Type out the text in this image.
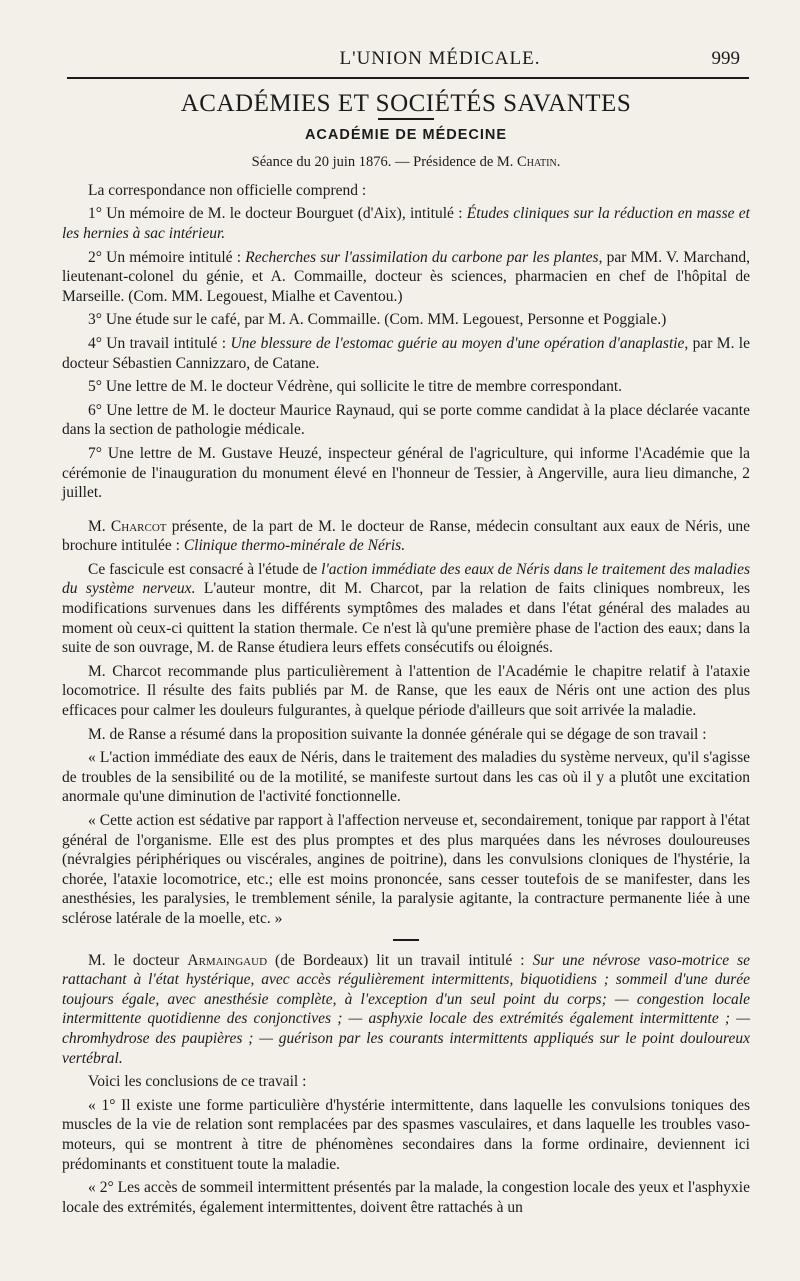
L'UNION MÉDICALE.	999
ACADÉMIES ET SOCIÉTÉS SAVANTES
ACADÉMIE DE MÉDECINE
Séance du 20 juin 1876. — Présidence de M. Chatin.

La correspondance non officielle comprend :

1° Un mémoire de M. le docteur Bourguet (d'Aix), intitulé : Études cliniques sur la réduction en masse et les hernies à sac intérieur.

2° Un mémoire intitulé : Recherches sur l'assimilation du carbone par les plantes, par MM. V. Marchand, lieutenant-colonel du génie, et A. Commaille, docteur ès sciences, pharmacien en chef de l'hôpital de Marseille. (Com. MM. Legouest, Mialhe et Caventou.)

3° Une étude sur le café, par M. A. Commaille. (Com. MM. Legouest, Personne et Poggiale.)

4° Un travail intitulé : Une blessure de l'estomac guérie au moyen d'une opération d'anaplastie, par M. le docteur Sébastien Cannizzaro, de Catane.

5° Une lettre de M. le docteur Védrène, qui sollicite le titre de membre correspondant.

6° Une lettre de M. le docteur Maurice Raynaud, qui se porte comme candidat à la place déclarée vacante dans la section de pathologie médicale.

7° Une lettre de M. Gustave Heuzé, inspecteur général de l'agriculture, qui informe l'Académie que la cérémonie de l'inauguration du monument élevé en l'honneur de Tessier, à Angerville, aura lieu dimanche, 2 juillet.

M. Charcot présente, de la part de M. le docteur de Ranse, médecin consultant aux eaux de Néris, une brochure intitulée : Clinique thermo-minérale de Néris.

Ce fascicule est consacré à l'étude de l'action immédiate des eaux de Néris dans le traitement des maladies du système nerveux. L'auteur montre, dit M. Charcot, par la relation de faits cliniques nombreux, les modifications survenues dans les différents symptômes des malades et dans l'état général des malades au moment où ceux-ci quittent la station thermale. Ce n'est là qu'une première phase de l'action des eaux; dans la suite de son ouvrage, M. de Ranse étudiera leurs effets consécutifs ou éloignés.

M. Charcot recommande plus particulièrement à l'attention de l'Académie le chapitre relatif à l'ataxie locomotrice. Il résulte des faits publiés par M. de Ranse, que les eaux de Néris ont une action des plus efficaces pour calmer les douleurs fulgurantes, à quelque période d'ailleurs que soit arrivée la maladie.

M. de Ranse a résumé dans la proposition suivante la donnée générale qui se dégage de son travail :

« L'action immédiate des eaux de Néris, dans le traitement des maladies du système nerveux, qu'il s'agisse de troubles de la sensibilité ou de la motilité, se manifeste surtout dans les cas où il y a plutôt une excitation anormale qu'une diminution de l'activité fonctionnelle.

« Cette action est sédative par rapport à l'affection nerveuse et, secondairement, tonique par rapport à l'état général de l'organisme. Elle est des plus promptes et des plus marquées dans les névroses douloureuses (névralgies périphériques ou viscérales, angines de poitrine), dans les convulsions cloniques de l'hystérie, la chorée, l'ataxie locomotrice, etc.; elle est moins prononcée, sans cesser toutefois de se manifester, dans les anesthésies, les paralysies, le tremblement sénile, la paralysie agitante, la contracture permanente liée à une sclérose latérale de la moelle, etc. »

M. le docteur Armaingaud (de Bordeaux) lit un travail intitulé : Sur une névrose vaso-motrice se rattachant à l'état hystérique, avec accès régulièrement intermittents, biquotidiens ; sommeil d'une durée toujours égale, avec anesthésie complète, à l'exception d'un seul point du corps; — congestion locale intermittente quotidienne des conjonctives ; — asphyxie locale des extrémités également intermittente ; — chromhydrose des paupières ; — guérison par les courants intermittents appliqués sur le point douloureux vertébral.

Voici les conclusions de ce travail :

« 1° Il existe une forme particulière d'hystérie intermittente, dans laquelle les convulsions toniques des muscles de la vie de relation sont remplacées par des spasmes vasculaires, et dans laquelle les troubles vaso-moteurs, qui se montrent à titre de phénomènes secondaires dans la forme ordinaire, deviennent ici prédominants et constituent toute la maladie.

« 2° Les accès de sommeil intermittent présentés par la malade, la congestion locale des yeux et l'asphyxie locale des extrémités, également intermittentes, doivent être rattachés à un
